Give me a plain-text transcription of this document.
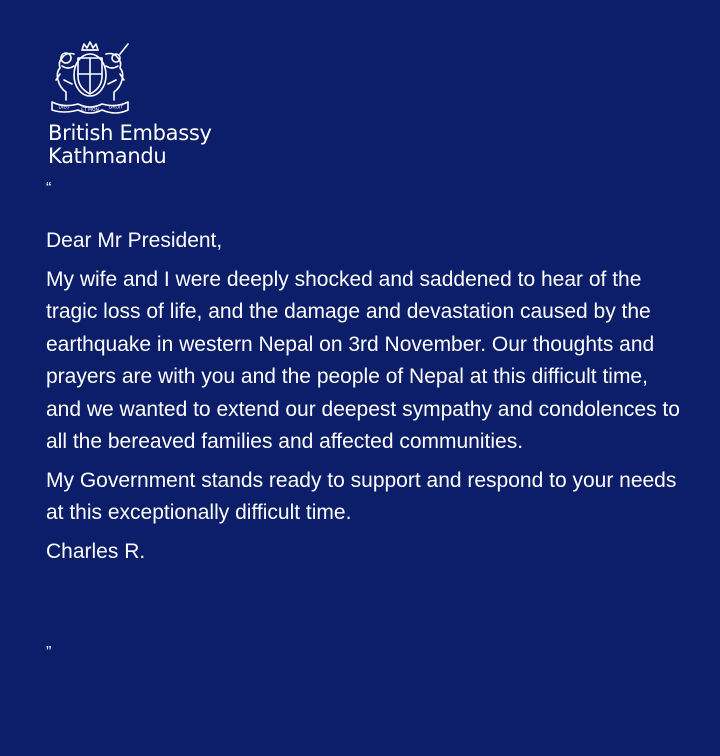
DIEU	ET MON DROIT
British Embassy
Kathmandu
“

Dear Mr President,

My wife and I were deeply shocked and saddened to hear of the tragic loss of life, and the damage and devastation caused by the earthquake in western Nepal on 3rd November. Our thoughts and prayers are with you and the people of Nepal at this difficult time, and we wanted to extend our deepest sympathy and condolences to all the bereaved families and affected communities.

My Government stands ready to support and respond to your needs at this exceptionally difficult time.

Charles R.

”
